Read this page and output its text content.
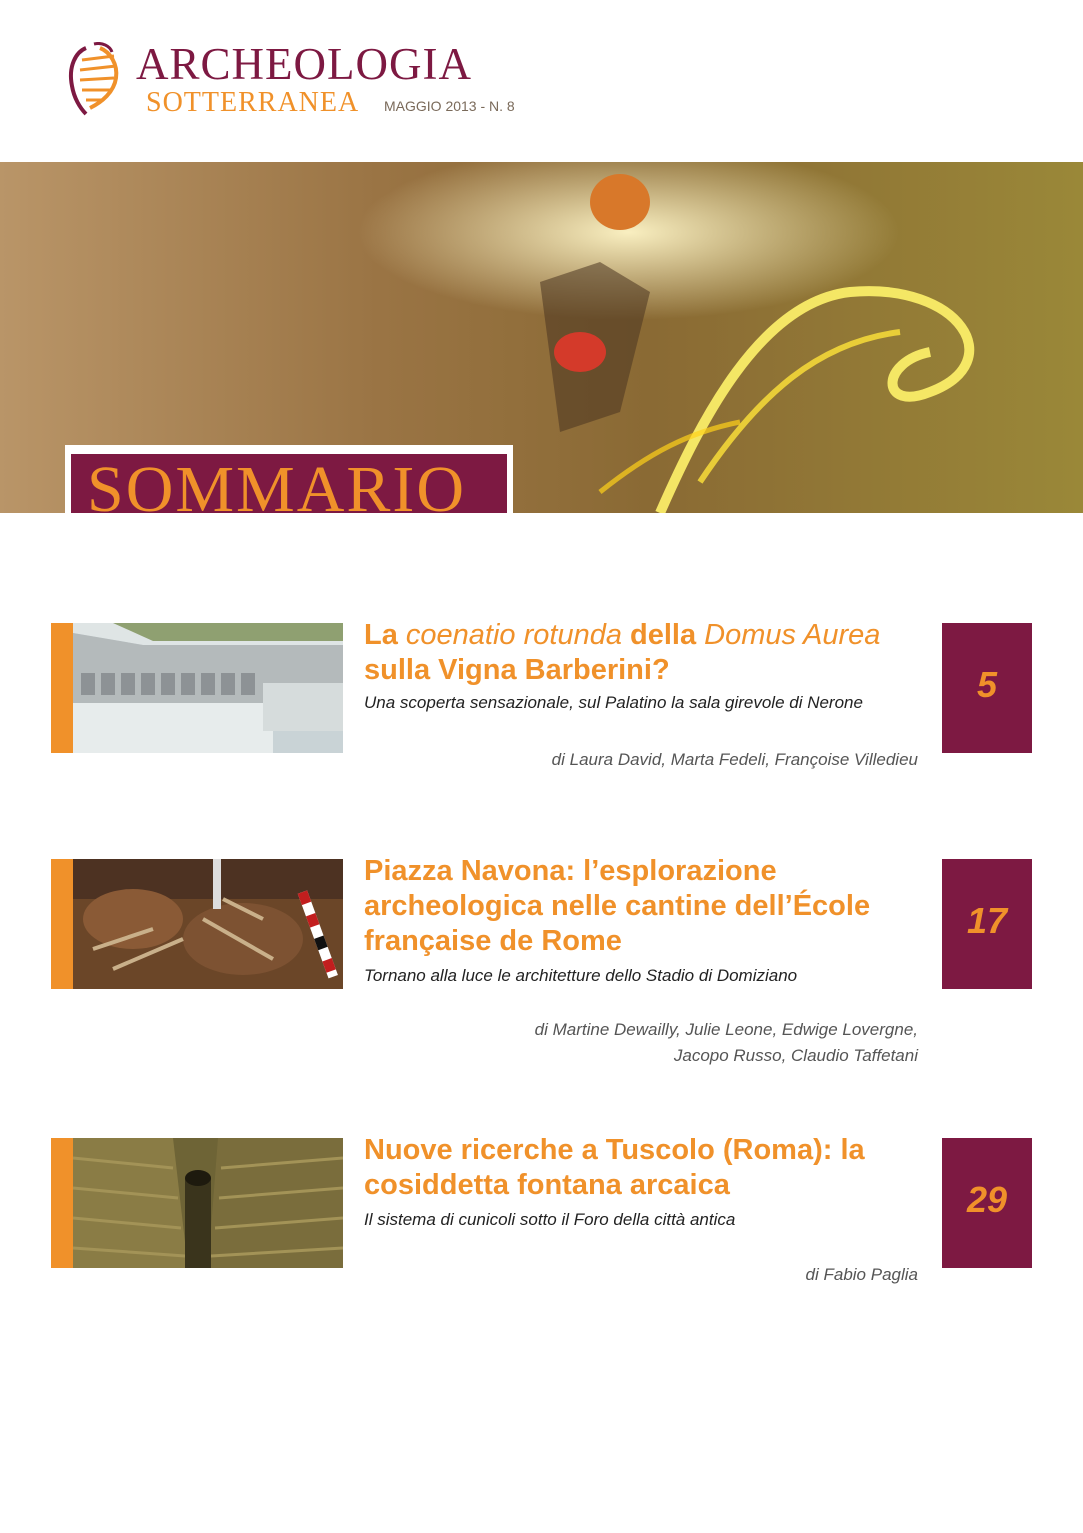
ARCHEOLOGIA
SOTTERRANEA MAGGIO 2013 - N. 8
SOMMARIO
La coenatio rotunda della Domus Aurea sulla Vigna Barberini?
Una scoperta sensazionale, sul Palatino la sala girevole di Nerone
di Laura David, Marta Fedeli, Françoise Villedieu
5
Piazza Navona: l’esplorazione archeologica nelle cantine dell’École française de Rome
Tornano alla luce le architetture dello Stadio di Domiziano
di Martine Dewailly, Julie Leone, Edwige Lovergne,
Jacopo Russo, Claudio Taffetani
17
Nuove ricerche a Tuscolo (Roma): la cosiddetta fontana arcaica
Il sistema di cunicoli sotto il Foro della città antica
di Fabio Paglia
29
